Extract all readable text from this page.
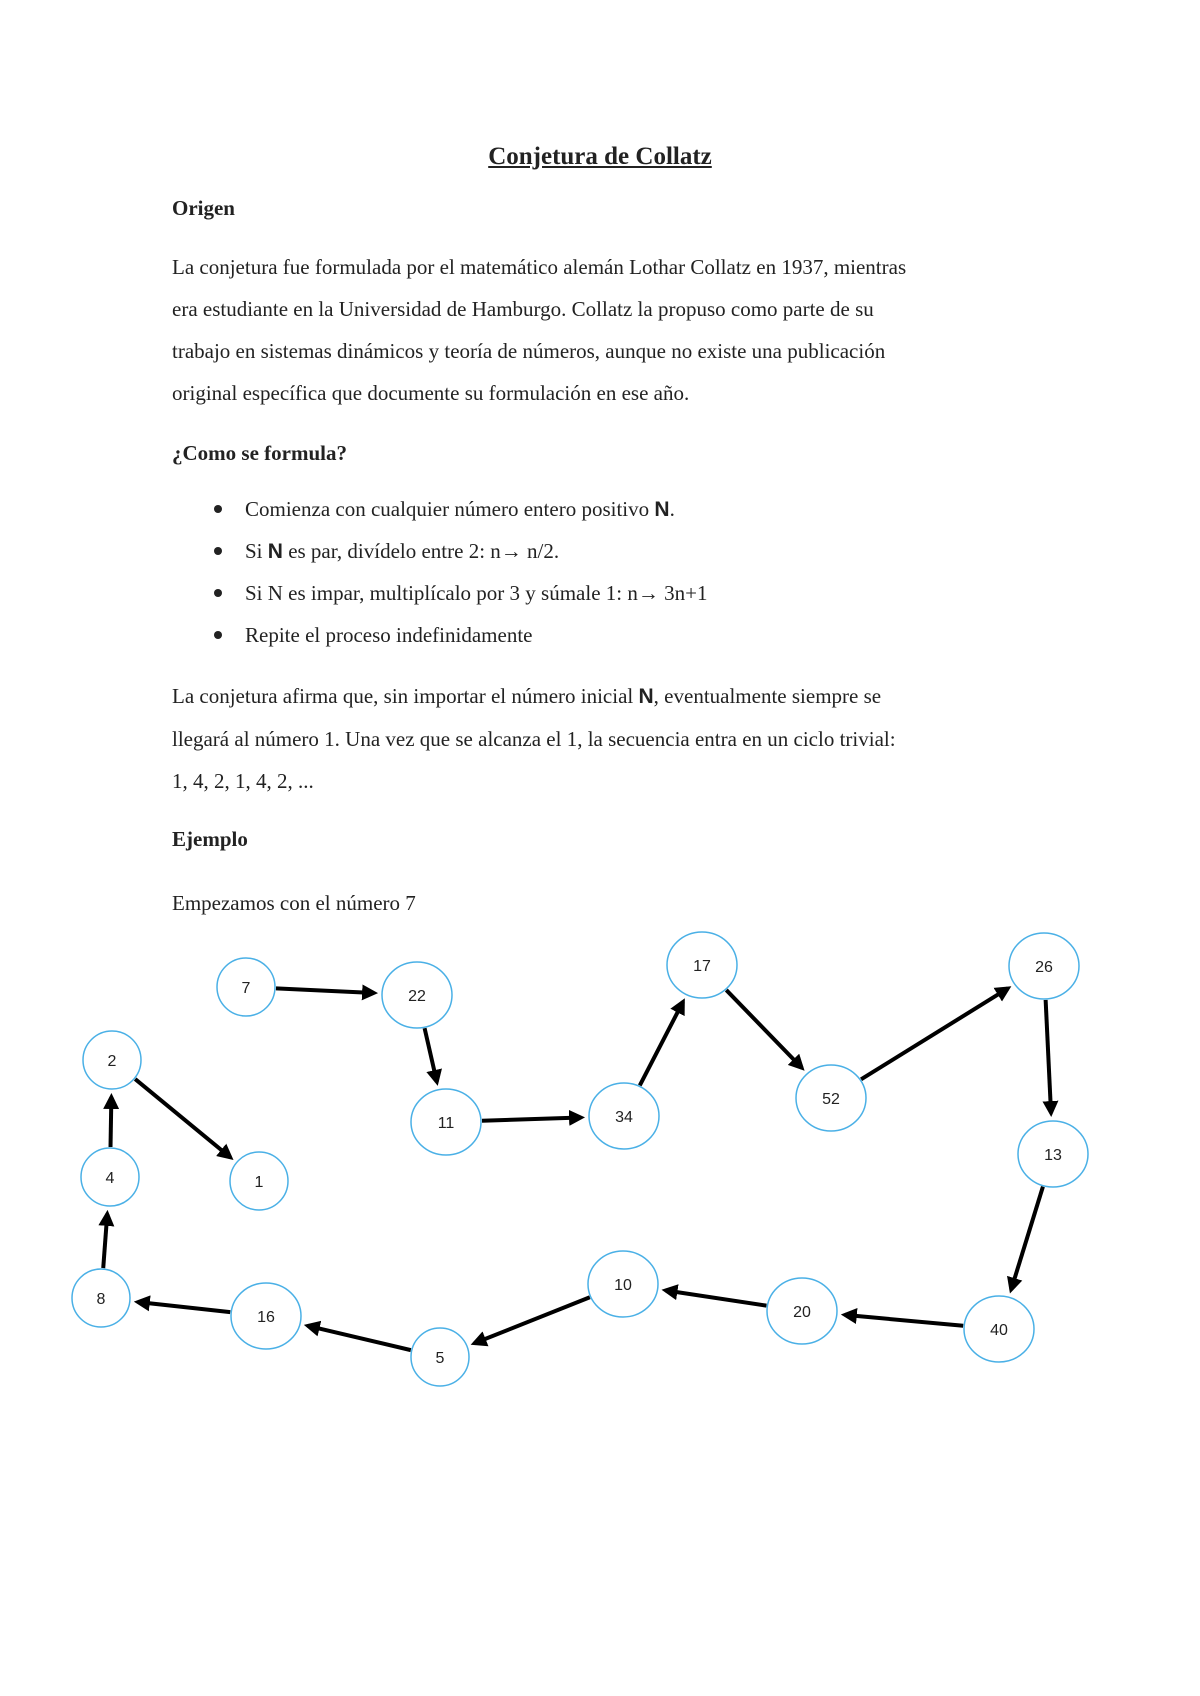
Conjetura de Collatz
Origen

La conjetura fue formulada por el matemático alemán Lothar Collatz en 1937, mientras
era estudiante en la Universidad de Hamburgo. Collatz la propuso como parte de su
trabajo en sistemas dinámicos y teoría de números, aunque no existe una publicación
original específica que documente su formulación en ese año.

¿Como se formula?
Comienza con cualquier número entero positivo N.
Si N es par, divídelo entre 2: n→ n/2.
Si N es impar, multiplícalo por 3 y súmale 1: n→ 3n+1
Repite el proceso indefinidamente

La conjetura afirma que, sin importar el número inicial N, eventualmente siempre se
llegará al número 1. Una vez que se alcanza el 1, la secuencia entra en un ciclo trivial:
1, 4, 2, 1, 4, 2, ...

Ejemplo
Empezamos con el número 7
7	22
11	34
17
52
26
13
40
20
10
5
16
8
4
2
1
